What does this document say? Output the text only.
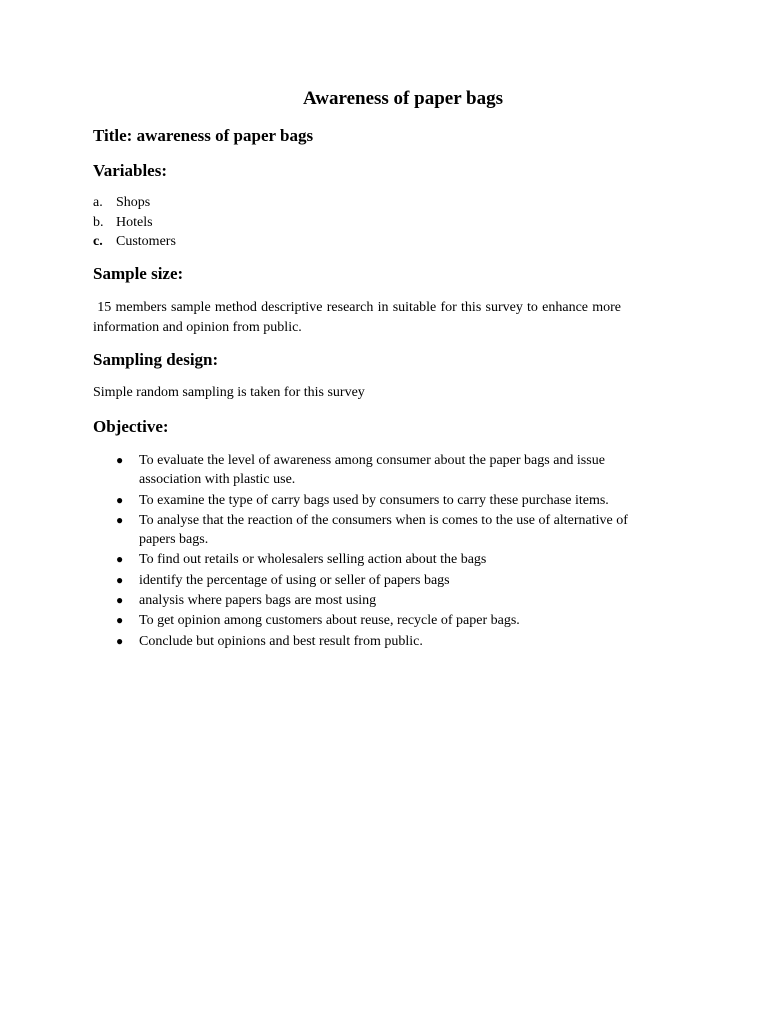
Awareness of paper bags
Title: awareness of paper bags
Variables:
a. Shops
b. Hotels
c. Customers
Sample size:

15 members sample method descriptive research in suitable for this survey to enhance more information and opinion from public.

Sampling design:

Simple random sampling is taken for this survey

Objective:
● To evaluate the level of awareness among consumer about the paper bags and issue association with plastic use.
● To examine the type of carry bags used by consumers to carry these purchase items.
● To analyse that the reaction of the consumers when is comes to the use of alternative of papers bags.
● To find out retails or wholesalers selling action about the bags
● identify the percentage of using or seller of papers bags
● analysis where papers bags are most using
● To get opinion among customers about reuse, recycle of paper bags.
● Conclude but opinions and best result from public.
